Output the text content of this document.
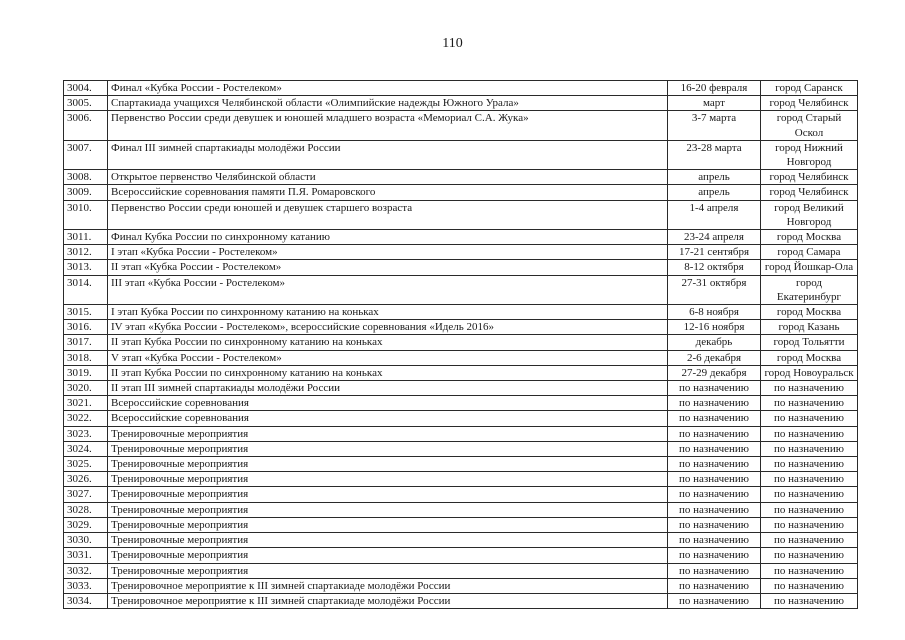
110
3004.	Финал «Кубка России - Ростелеком»	16-20 февраля	город Саранск
3005.	Спартакиада учащихся Челябинской области «Олимпийские надежды Южного Урала»	март	город Челябинск
3006.	Первенство России среди девушек и юношей младшего возраста «Мемориал С.А. Жука»	3-7 марта	город Старый Оскол
3007.	Финал III зимней спартакиады молодёжи России	23-28 марта	город Нижний Новгород
3008.	Открытое первенство Челябинской области	апрель	город Челябинск
3009.	Всероссийские соревнования памяти П.Я. Ромаровского	апрель	город Челябинск
3010.	Первенство России среди юношей и девушек старшего возраста	1-4 апреля	город Великий Новгород
3011.	Финал Кубка России по синхронному катанию	23-24 апреля	город Москва
3012.	I этап «Кубка России - Ростелеком»	17-21 сентября	город Самара
3013.	II этап «Кубка России - Ростелеком»	8-12 октября	город Йошкар-Ола
3014.	III этап «Кубка России - Ростелеком»	27-31 октября	город Екатеринбург
3015.	I этап Кубка России по синхронному катанию на коньках	6-8 ноября	город Москва
3016.	IV этап «Кубка России - Ростелеком», всероссийские соревнования «Идель 2016»	12-16 ноября	город Казань
3017.	II этап Кубка России по синхронному катанию на коньках	декабрь	город Тольятти
3018.	V этап «Кубка России - Ростелеком»	2-6 декабря	город Москва
3019.	II этап Кубка России по синхронному катанию на коньках	27-29 декабря	город Новоуральск
3020.	II этап III зимней спартакиады молодёжи России	по назначению	по назначению
3021.	Всероссийские соревнования	по назначению	по назначению
3022.	Всероссийские соревнования	по назначению	по назначению
3023.	Тренировочные мероприятия	по назначению	по назначению
3024.	Тренировочные мероприятия	по назначению	по назначению
3025.	Тренировочные мероприятия	по назначению	по назначению
3026.	Тренировочные мероприятия	по назначению	по назначению
3027.	Тренировочные мероприятия	по назначению	по назначению
3028.	Тренировочные мероприятия	по назначению	по назначению
3029.	Тренировочные мероприятия	по назначению	по назначению
3030.	Тренировочные мероприятия	по назначению	по назначению
3031.	Тренировочные мероприятия	по назначению	по назначению
3032.	Тренировочные мероприятия	по назначению	по назначению
3033.	Тренировочное мероприятие к III зимней спартакиаде молодёжи России	по назначению	по назначению
3034.	Тренировочное мероприятие к III зимней спартакиаде молодёжи России	по назначению	по назначению
